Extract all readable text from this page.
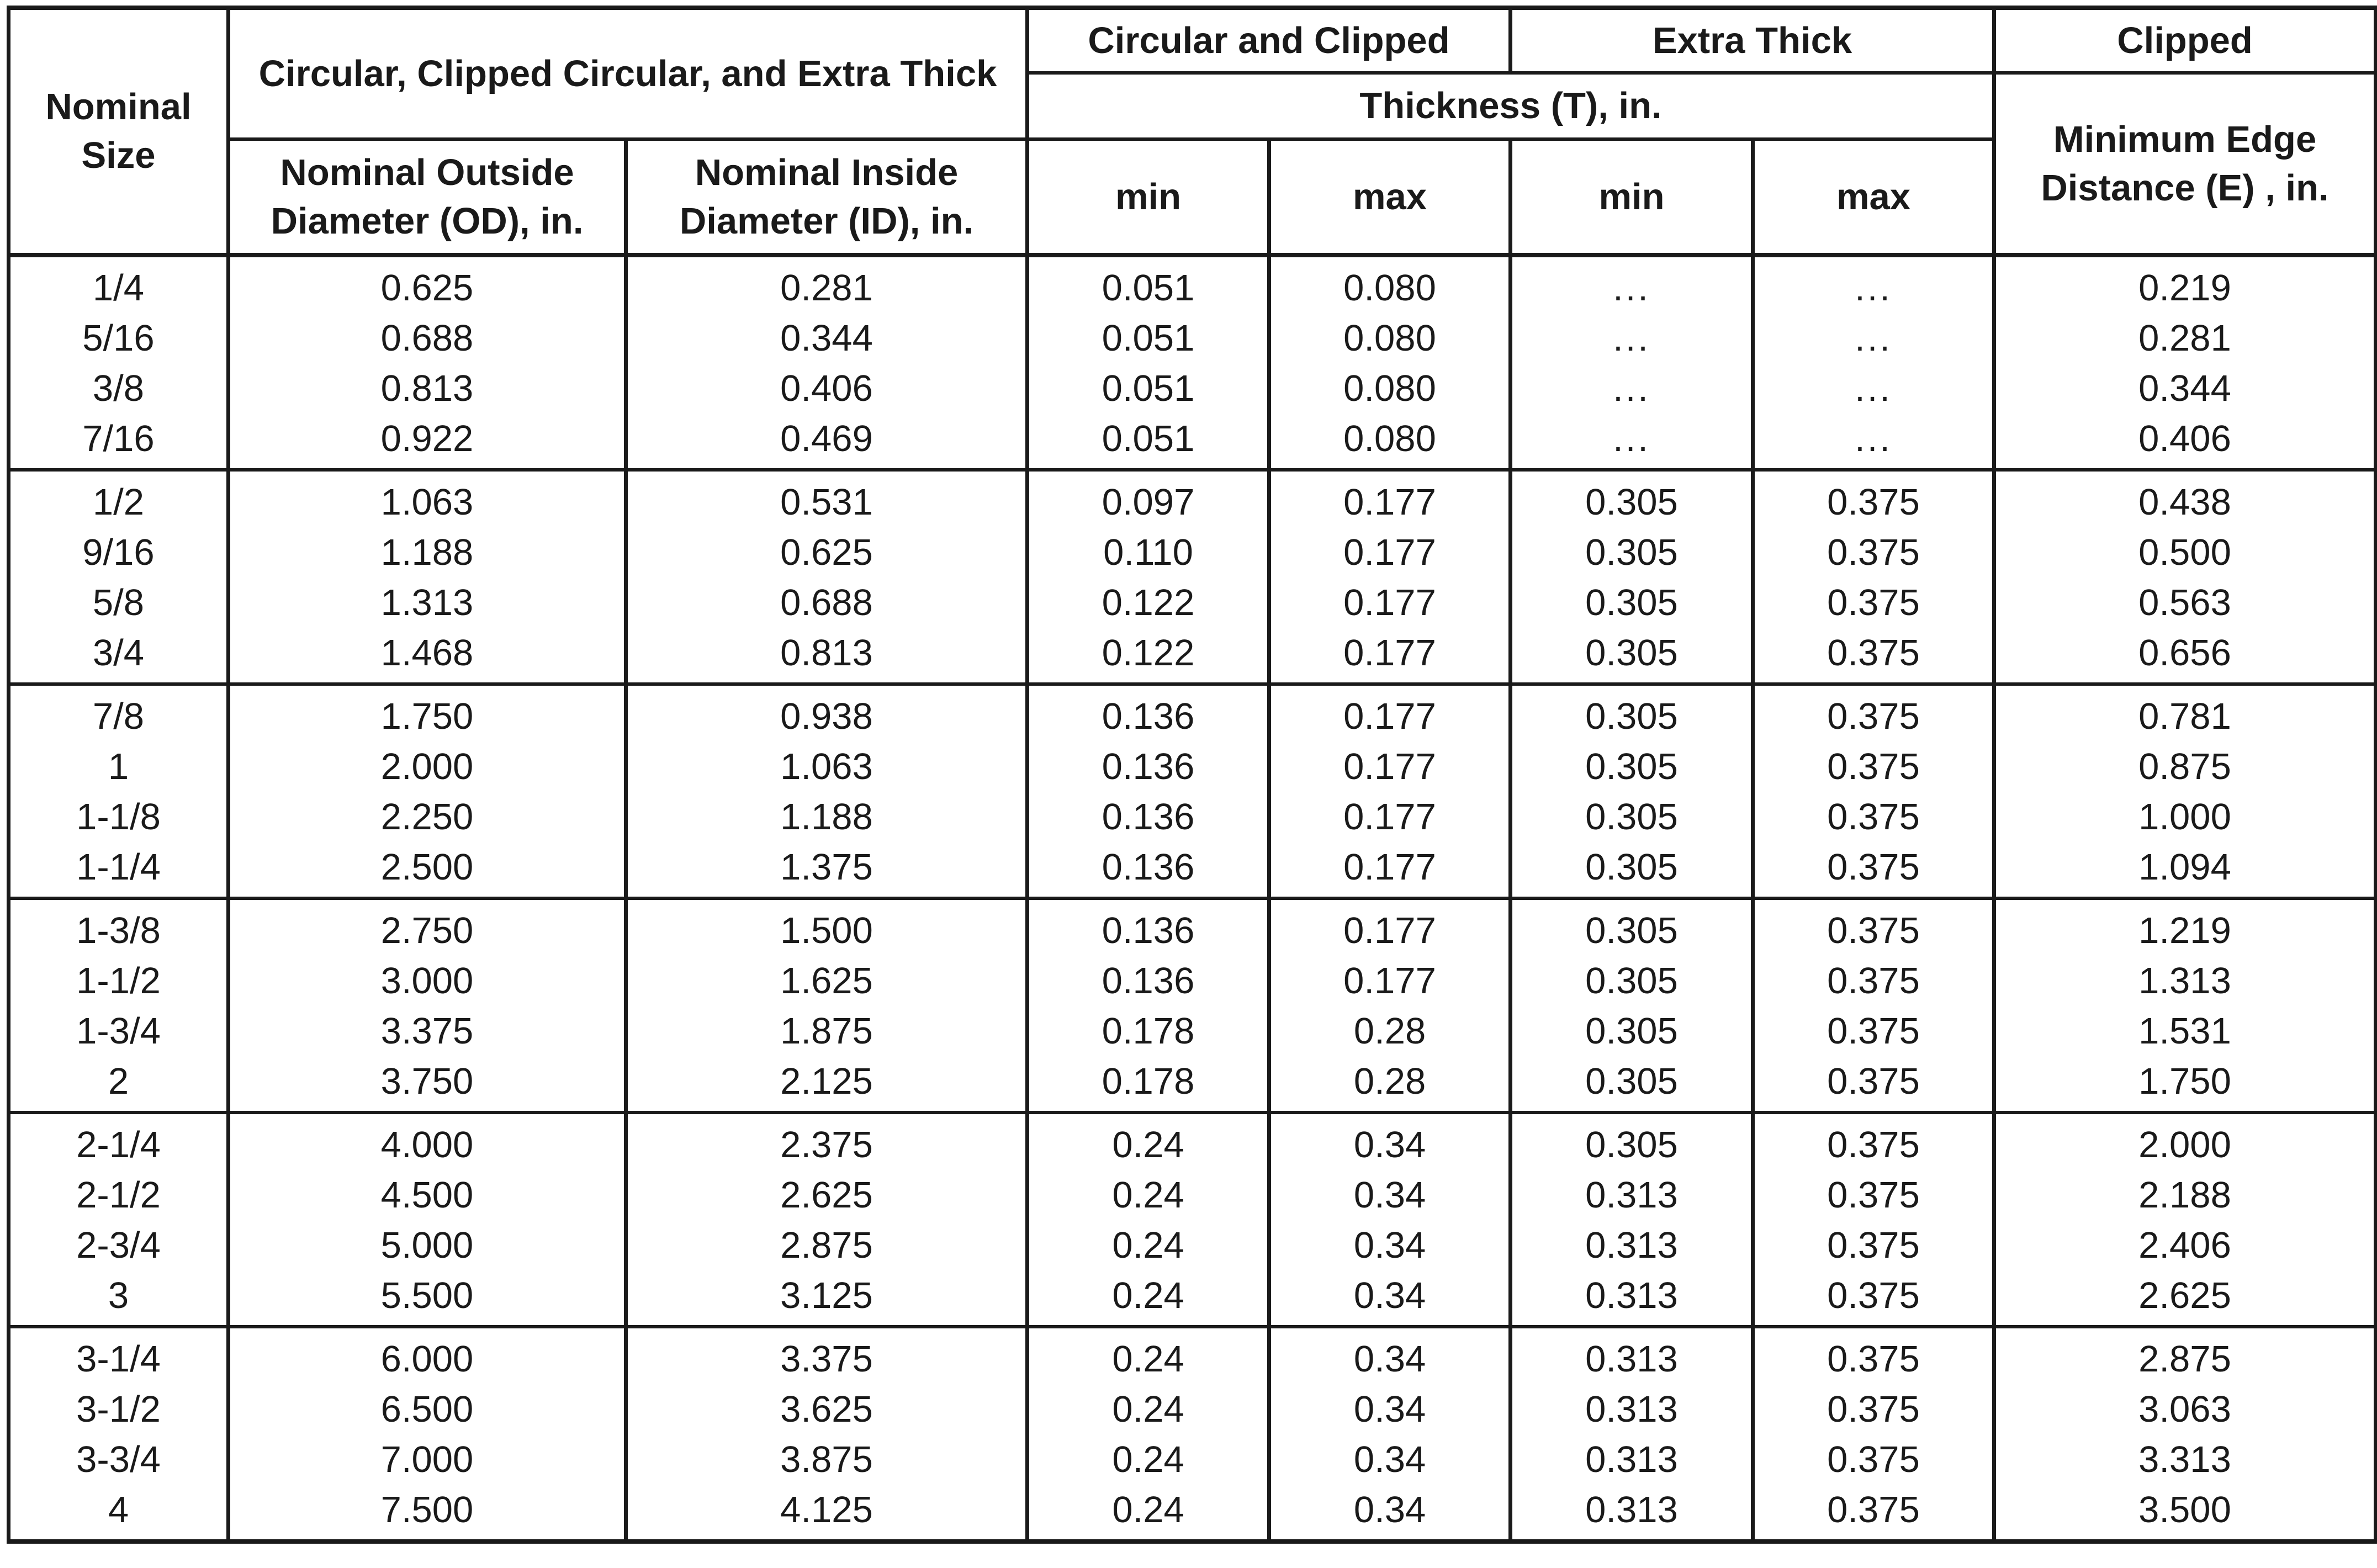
Nominal Size	Circular, Clipped Circular, and Extra Thick		Circular and Clipped		Extra Thick		Clipped
			Thickness (T), in.				Minimum Edge Distance (E) , in.
	Nominal Outside Diameter (OD), in.	Nominal Inside Diameter (ID), in.	min	max	min	max	
1/4	0.625	0.281	0.051	0.080	...	...	0.219
5/16	0.688	0.344	0.051	0.080	...	...	0.281
3/8	0.813	0.406	0.051	0.080	...	...	0.344
7/16	0.922	0.469	0.051	0.080	...	...	0.406
1/2	1.063	0.531	0.097	0.177	0.305	0.375	0.438
9/16	1.188	0.625	0.110	0.177	0.305	0.375	0.500
5/8	1.313	0.688	0.122	0.177	0.305	0.375	0.563
3/4	1.468	0.813	0.122	0.177	0.305	0.375	0.656
7/8	1.750	0.938	0.136	0.177	0.305	0.375	0.781
1	2.000	1.063	0.136	0.177	0.305	0.375	0.875
1-1/8	2.250	1.188	0.136	0.177	0.305	0.375	1.000
1-1/4	2.500	1.375	0.136	0.177	0.305	0.375	1.094
1-3/8	2.750	1.500	0.136	0.177	0.305	0.375	1.219
1-1/2	3.000	1.625	0.136	0.177	0.305	0.375	1.313
1-3/4	3.375	1.875	0.178	0.28	0.305	0.375	1.531
2	3.750	2.125	0.178	0.28	0.305	0.375	1.750
2-1/4	4.000	2.375	0.24	0.34	0.305	0.375	2.000
2-1/2	4.500	2.625	0.24	0.34	0.313	0.375	2.188
2-3/4	5.000	2.875	0.24	0.34	0.313	0.375	2.406
3	5.500	3.125	0.24	0.34	0.313	0.375	2.625
3-1/4	6.000	3.375	0.24	0.34	0.313	0.375	2.875
3-1/2	6.500	3.625	0.24	0.34	0.313	0.375	3.063
3-3/4	7.000	3.875	0.24	0.34	0.313	0.375	3.313
4	7.500	4.125	0.24	0.34	0.313	0.375	3.500
